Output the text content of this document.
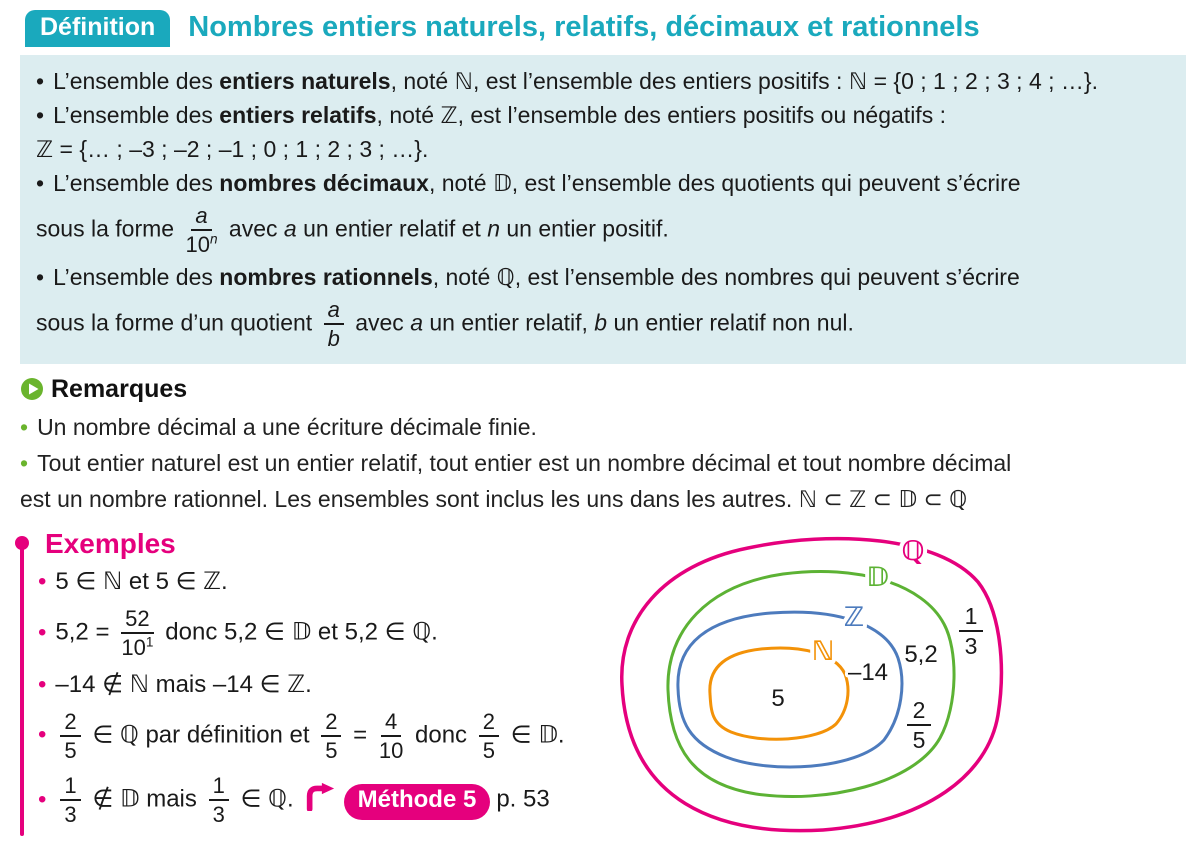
Définition	Nombres entiers naturels, relatifs, décimaux et rationnels

• L’ensemble des entiers naturels, noté ℕ, est l’ensemble des entiers positifs : ℕ = {0 ; 1 ; 2 ; 3 ; 4 ; …}.

• L’ensemble des entiers relatifs, noté ℤ, est l’ensemble des entiers positifs ou négatifs :

ℤ = {… ; –3 ; –2 ; –1 ; 0 ; 1 ; 2 ; 3 ; …}.

• L’ensemble des nombres décimaux, noté 𝔻, est l’ensemble des quotients qui peuvent s’écrire

sous la forme $\frac{a}{10^n}$ avec a un entier relatif et n un entier positif.

• L’ensemble des nombres rationnels, noté ℚ, est l’ensemble des nombres qui peuvent s’écrire

sous la forme d’un quotient $\frac{a}{b}$ avec a un entier relatif, b un entier relatif non nul.

Remarques

• Un nombre décimal a une écriture décimale finie.

• Tout entier naturel est un entier relatif, tout entier est un nombre décimal et tout nombre décimal

est un nombre rationnel. Les ensembles sont inclus les uns dans les autres. ℕ ⊂ ℤ ⊂ 𝔻 ⊂ ℚ

Exemples
• 5 ∈ ℕ et 5 ∈ ℤ.
• $5,2 = \frac{52}{10^1}$ donc 5,2 ∈ 𝔻 et 5,2 ∈ ℚ.
• –14 ∉ ℕ mais –14 ∈ ℤ.
• $\frac{2}{5}$ ∈ ℚ par définition et $\frac{2}{5} = \frac{4}{10}$ donc $\frac{2}{5}$ ∈ 𝔻.
• $\frac{1}{3}$ ∉ 𝔻 mais $\frac{1}{3}$ ∈ ℚ.	Méthode 5 p. 53
ℚ
𝔻
ℤ
ℕ
5
–14
5,2
2
5
1
3
